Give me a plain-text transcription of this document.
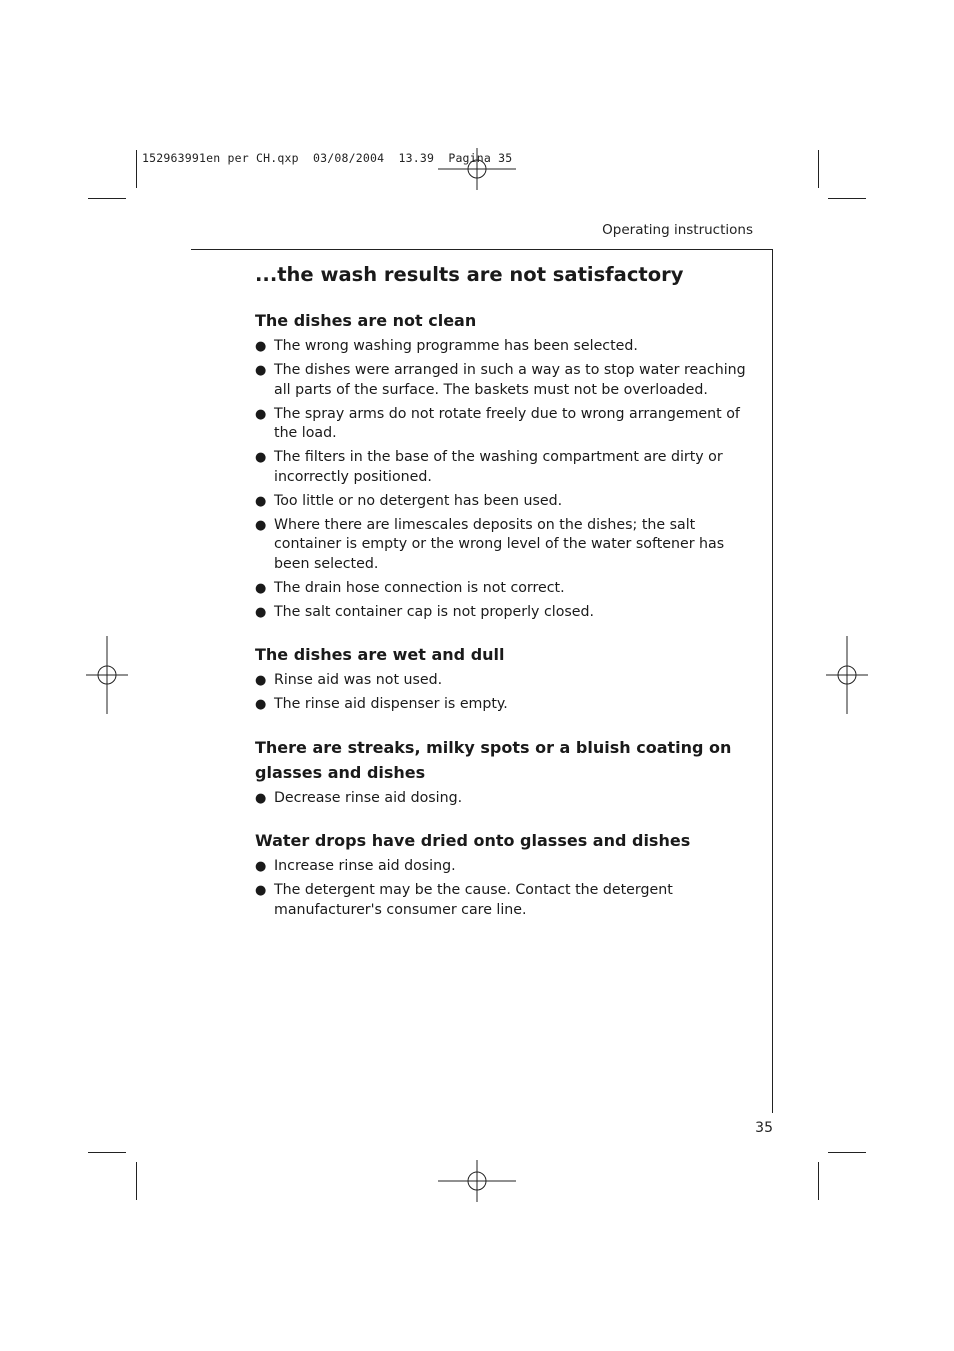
152963991en per CH.qxp  03/08/2004  13.39  Pagina 35
Operating instructions
35
...the wash results are not satisfactory
The dishes are not clean
● The wrong washing programme has been selected.
● The dishes were arranged in such a way as to stop water reaching all parts of the surface. The baskets must not be overloaded.
● The spray arms do not rotate freely due to wrong arrangement of the load.
● The filters in the base of the washing compartment are dirty or incorrectly positioned.
● Too little or no detergent has been used.
● Where there are limescales deposits on the dishes; the salt container is empty or the wrong level of the water softener has been selected.
● The drain hose connection is not correct.
● The salt container cap is not properly closed.
The dishes are wet and dull
● Rinse aid was not used.
● The rinse aid dispenser is empty.
There are streaks, milky spots or a bluish coating on glasses and dishes
● Decrease rinse aid dosing.
Water drops have dried onto glasses and dishes
● Increase rinse aid dosing.
● The detergent may be the cause. Contact the detergent manufacturer's consumer care line.
